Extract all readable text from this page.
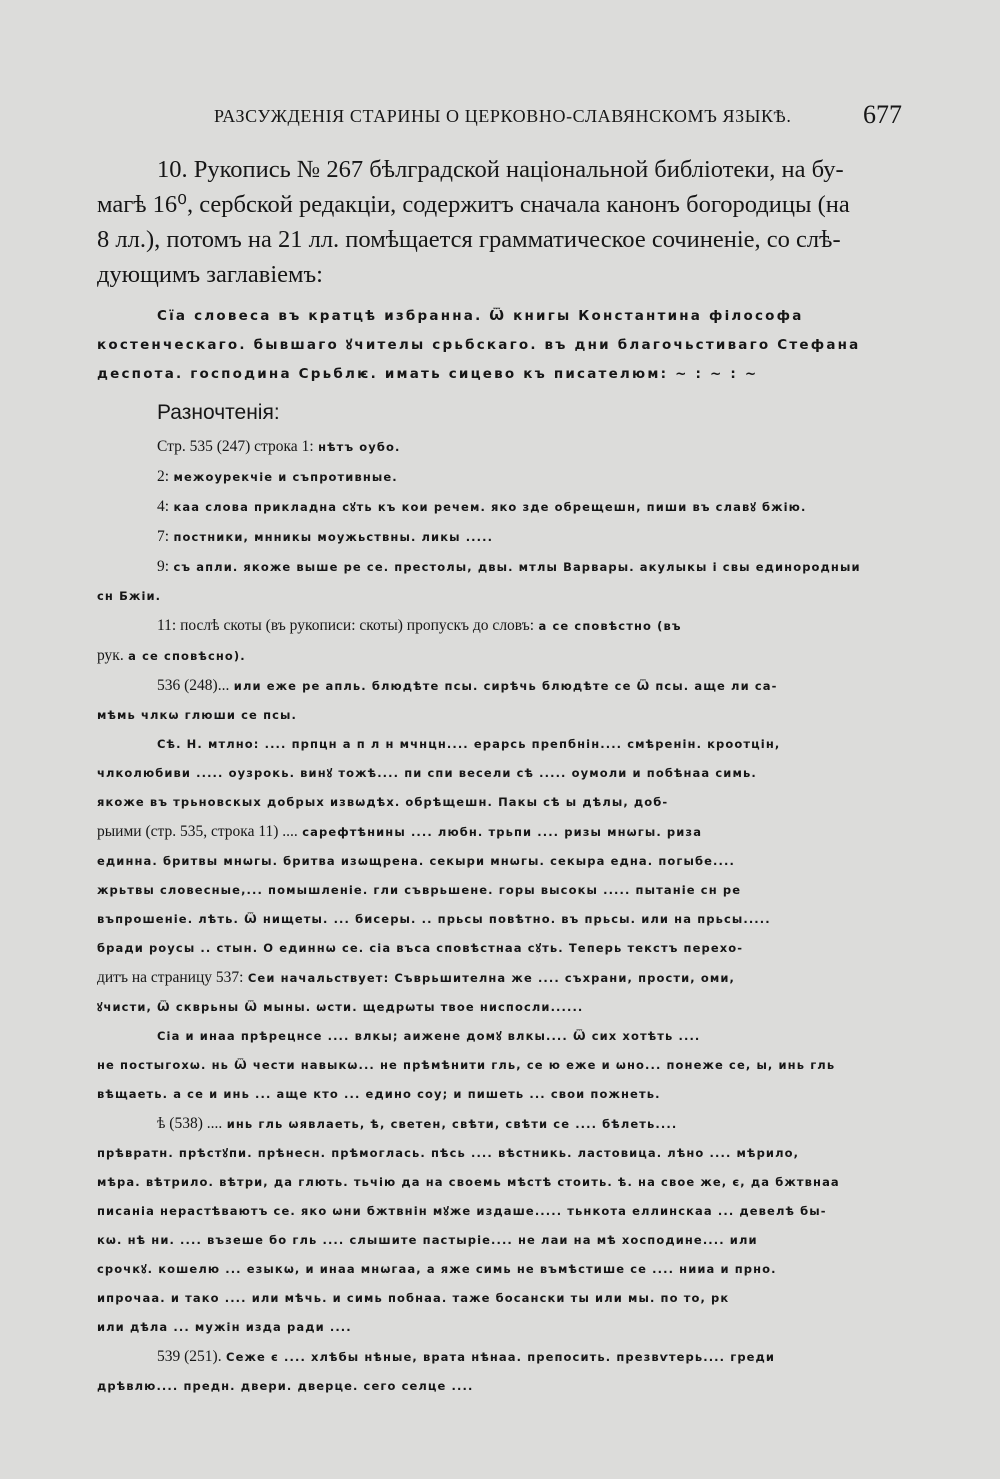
РАЗСУЖДЕНІЯ СТАРИНЫ О ЦЕРКОВНО-СЛАВЯНСКОМЪ ЯЗЫКѢ.	677

10. Рукопись № 267 бѣлградской національной библіотеки, на бу-
магѣ 16⁰, сербской редакціи, содержитъ сначала канонъ богородицы (на
8 лл.), потомъ на 21 лл. помѣщается грамматическое сочиненіе, со слѣ-
дующимъ заглавіемъ:

Сїа словеса въ кратцѣ избранна. Ѿ книгы Константина філософа
костенческаго. бывшаго ꙋчителы срьбскаго. въ дни благочьстиваго Стефана
деспота. господина Срьблѥ. имать сицево къ писателюм: ~ : ~ : ~
Разночтенія:
Стр. 535 (247) строка 1: нѣтъ оубо.
2: межоурекчіе и съпротивные.
4: каа слова прикладна сꙋть къ кои речем. яко зде обрещешн, пиши въ славꙋ бжію.
7: постники, мнникы моужьствны. ликы .....
9: съ апли. якоже выше ре се. престолы, двы. мтлы Варвары. акулыкы і свы единородныи
сн Бжіи.
11: послѣ скоты (въ рукописи: скоты) пропускъ до словъ: а се сповѣстно (въ
рук. а се сповѣсно).
536 (248)... или еже ре апль. блюдѣте псы. сирѣчь блюдѣте се Ѿ псы. аще ли са-
мѣмь члкѡ глюши се псы.
Сѣ. Н. мтлно: .... прпцн а п л н мчнцн.... ерарсь препбнін.... смѣренін. кроотцін,
члколюбиви ..... оузрокь. винꙋ тожѣ.... пи спи весели сѣ ..... оумоли и побѣнаа симь.
якоже въ трьновскых добрых извѡдѣх. обрѣщешн. Пакы сѣ ы дѣлы, доб-
рыими (стр. 535, строка 11) .... сарефтѣнины .... любн. трьпи .... ризы мнѡгы. риза
единна. бритвы мнѡгы. бритва изѡщрена. секыри мнѡгы. секыра една. погыбе....
жрьтвы словесные,... помышленіе. гли съврьшене. горы высокы ..... пытаніе сн ре
въпрошеніе. лѣть. Ѿ нищеты. ... бисеры. .. прьсы повѣтно. въ прьсы. или на прьсы.....
бради роусы .. стын. О единнѡ се. сіа въса сповѣстнаа сꙋть. Теперь текстъ перехо-
дитъ на страницу 537: Сеи начальствует: Съврьшителна же .... съхрани, прости, оми,
ꙋчисти, Ѿ скврьны Ѿ мыны. ѡсти. щедрѡты твое ниспосли......
Сіа и инаа прѣрецнсе .... влкы; аижене домꙋ влкы.... Ѿ сих хотѣть ....
не постыгохѡ. нь Ѿ чести навыкѡ... не прѣмѣнити гль, се ю еже и ѡно... понеже се, ы, инь гль
вѣщаеть. а се и инь ... аще кто ... едино соу; и пишеть ... свои пожнеть.
ѣ (538) .... инь гль ѡявлаеть, ѣ, светен, свѣти, свѣти се .... бѣлеть....
прѣвратн. прѣстꙋпи. прѣнесн. прѣмоглась. пѣсь .... вѣстникь. ластовица. лѣно .... мѣрило,
мѣра. вѣтрило. вѣтри, да глють. тьчію да на своемь мѣстѣ стоить. ѣ. на свое же, є, да бжтвнаа
писаніа нерастѣваютъ се. яко ѡни бжтвнін мꙋже издаше..... тьнкота еллинскаа ... девелѣ бы-
кѡ. нѣ ни. .... възеше бо гль .... слышите пастыріе.... не лаи на мѣ хосподине.... или
срочкꙋ. кошелю ... езыкѡ, и инаа мнѡгаа, а яже симь не въмѣстише се .... нииа и прно.
ипрочаа. и тако .... или мѣчь. и симь побнаа. таже босански ты или мы. по то, рк
или дѣла ... мужін изда ради ....
539 (251). Сеже є .... хлѣбы нѣные, врата нѣнаа. препосить. презвѵтерь.... греди
дрѣвлю.... предн. двери. дверце. сего селце ....
